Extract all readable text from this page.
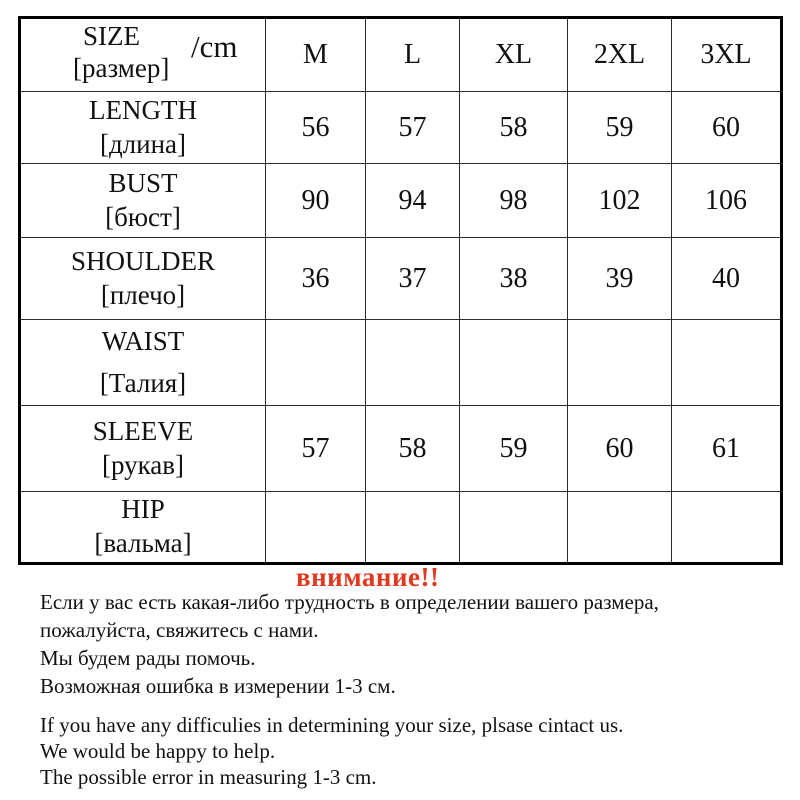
SIZE
[размер]
/cm	M	L	XL	2XL	3XL

LENGTH
[длина]	56	57	58	59	60

BUST
[бюст]	90	94	98	102	106

SHOULDER
[плечо]	36	37	38	39	40

WAIST
[Талия]					

SLEEVE
[рукав]	57	58	59	60	61

HIP
[вальма]					

внимание!!
Если у вас есть какая-либо трудность в определении вашего размера,
пожалуйста, свяжитесь с нами.
Мы будем рады помочь.
Возможная ошибка в измерении 1-3 см.
If you have any difficulies in determining your size, plsase cintact us.
We would be happy to help.
The possible error in measuring 1-3 cm.
